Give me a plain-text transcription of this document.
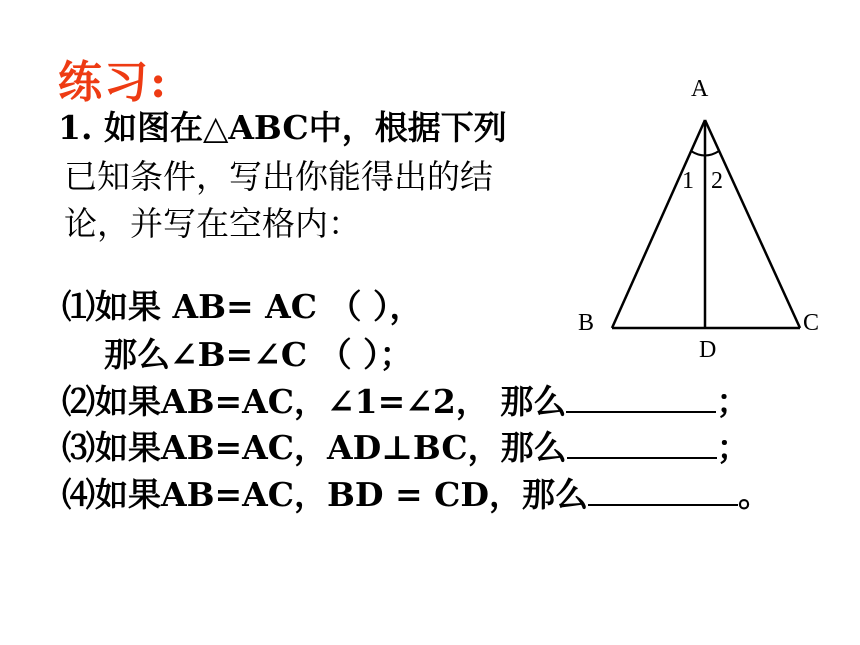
练习:
1. 如图在△ABC中，根据下列
已知条件，写出你能得出的结
论，并写在空格内：
⑴如果 AB= AC （ ），
那么∠B=∠C （ ）；
⑵如果AB=AC，∠1=∠2， 那么	；
⑶如果AB=AC，AD⊥BC，那么	；
⑷如果AB=AC，BD = CD，那么	。
A
B	C
D
1 2
